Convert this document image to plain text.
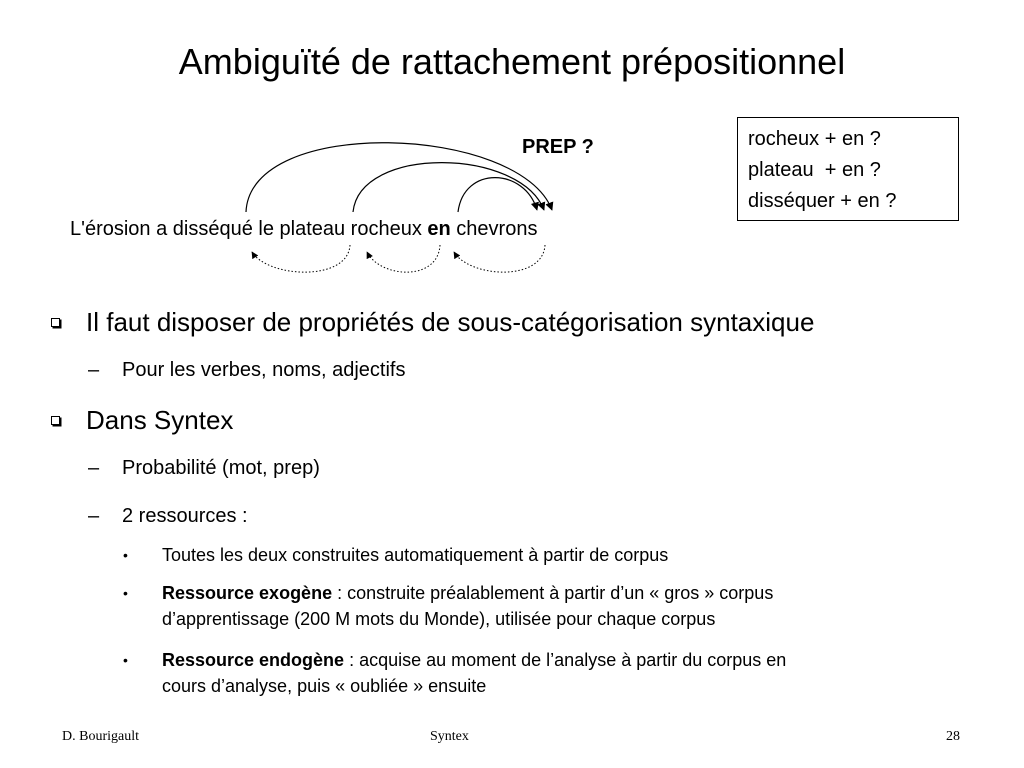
Ambiguïté de rattachement prépositionnel
PREP ?
L'érosion a disséqué le plateau rocheux en chevrons
rocheux + en ?
plateau  + en ?
disséquer + en ?
Il faut disposer de propriétés de sous-catégorisation syntaxique
– Pour les verbes, noms, adjectifs
Dans Syntex
– Probabilité (mot, prep)
– 2 ressources :
• Toutes les deux construites automatiquement à partir de corpus
• Ressource exogène : construite préalablement à partir d’un « gros » corpus
d’apprentissage (200 M mots du Monde), utilisée pour chaque corpus
• Ressource endogène : acquise au moment de l’analyse à partir du corpus en
cours d’analyse, puis « oubliée » ensuite
D. Bourigault	Syntex	28
